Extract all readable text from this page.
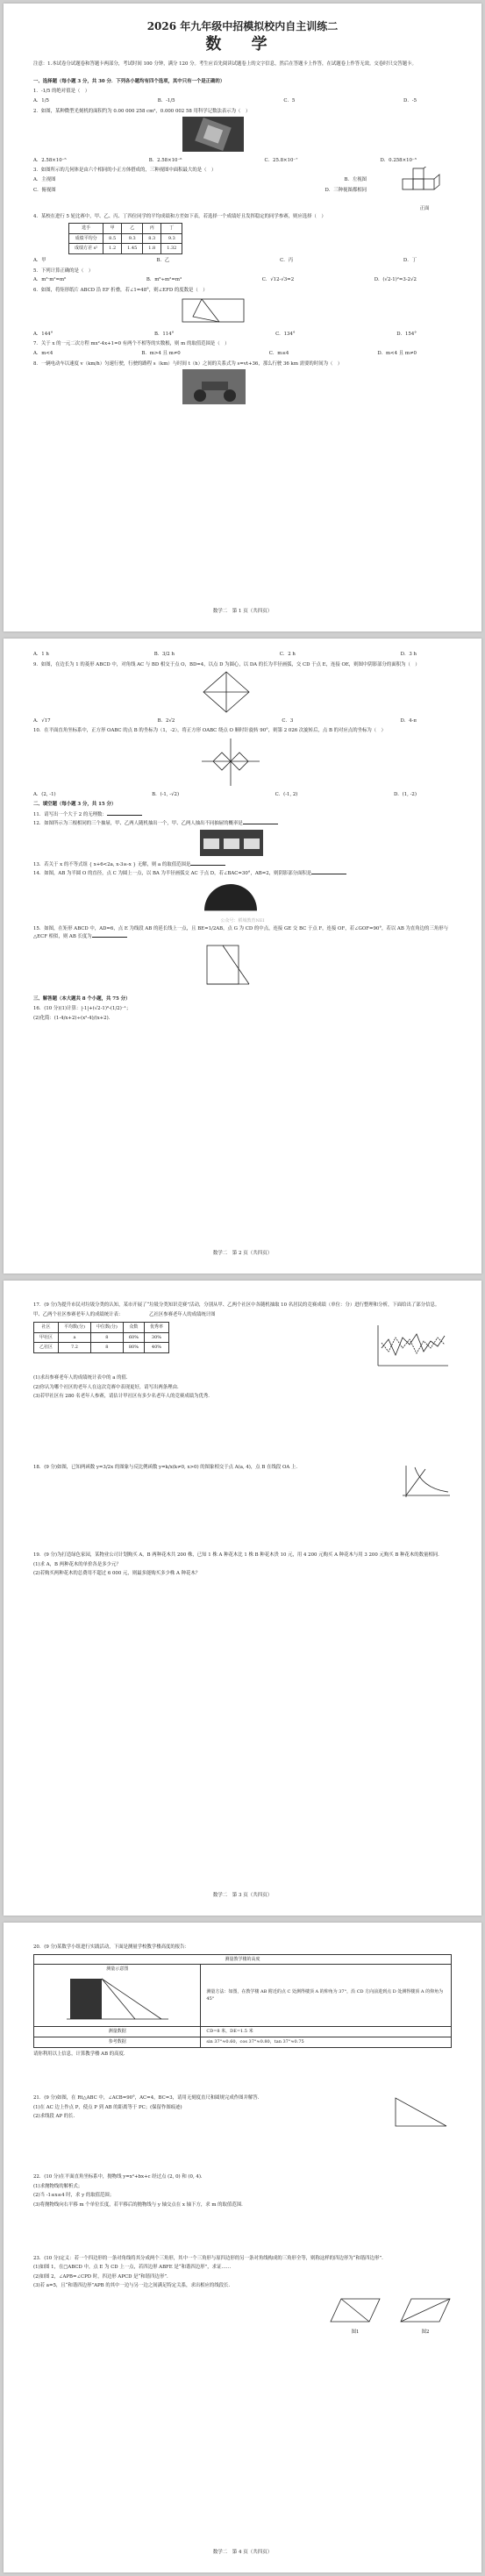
2026 年九年级中招模拟校内自主训练二
数 学

注意：1.本试卷分试题卷和答题卡两部分，考试时间 100 分钟，满分 120 分。考生应首先阅读试题卷上的文字信息，然后在答题卡上作答，在试题卷上作答无效。交卷时只交答题卡。

一、选择题（每小题 3 分，共 30 分．下列各小题均有四个选项，其中只有一个是正确的）

1．-1/5 的绝对值是（　）

A．1/5	B．-1/5	C．5	D．-5

2．如图，某种微型光刻机的面积约为 0.00 000 258 cm²，0.000 002 58 用科学记数法表示为（　）

A．2.58×10⁻⁵	B．2.58×10⁻⁶	C．25.8×10⁻⁷	D．0.258×10⁻⁵

3．如图所示的几何体是由六个相同的小正方体搭成的，三种视图中面积最大的是（　）

A．主视图	B．左视图
C．俯视图	D．三种视图都相同
正面

4．某校在进行 5 轮比赛中，甲、乙、丙、丁四位同学的平均成绩和方差如下表，若选择一个成绩好且发挥稳定的同学参赛，则应选择（　）

选手	甲	乙	丙	丁
成绩平均分	8.5	9.3	8.3	9.3
成绩方差 s²	1.2	1.45	1.8	1.32
A．甲	B．乙	C．丙	D．丁

5．下列计算正确的是（　）

A．m³·m²=m⁶	B．m⁶÷m²=m³	C．√12-√3=2	D．(√2-1)²=3-2√2

6．如图，将矩形纸片 ABCD 沿 EF 折叠，若∠1=48°，则∠EFD 的度数是（　）

A．144°	B．114°	C．134°	D．154°

7．关于 x 的一元二次方程 mx²-4x+1=0 有两个不相等的实数根，则 m 的取值范围是（　）

A．m<4	B．m>4 且 m≠0	C．m≤4	D．m<4 且 m≠0

8．一辆电动车以速度 v（km/h）匀速行驶，行驶的路程 s（km）与时间 t（h）之间的关系式为 s=vt+36，那么行驶 36 km 需要的时间为（　）

数学二　第 1 页（共四页）
A．1 h	B．3/2 h	C．2 h	D．3 h

9．如图，在边长为 1 的菱形 ABCD 中，对角线 AC 与 BD 相交于点 O，BD=4，以点 D 为圆心，以 DA 的长为半径画弧，交 CD 于点 E，连接 OE，则图中阴影部分的面积为（　）

A．√17	B．2√2	C．3	D．4-π

10．在平面直角坐标系中，正方形 OABC 的点 B 的坐标为（1，-2），将正方形 OABC 绕点 O 顺时针旋转 90°，则第 2 026 次旋转后，点 B 的对应点的坐标为（　）

A．(2, -1)	B．(-1, -√2)	C．(-1, 2)	D．(1, -2)

二、填空题（每小题 3 分，共 15 分）

11．请写出一个大于 2 的无理数：

12．如图所示为三根相同的三个抽屉，甲、乙两人随机抽出一个，甲、乙两人抽出不同抽屉的概率是

13．若关于 x 的不等式组 { x+6<2a, x-3≥-x } 无解，则 a 的取值范围是

14．如图，AB 为半圆 O 的直径，点 C 为圆上一点，以 BA 为半径画弧交 AC 于点 D，若∠BAC=30°，AB=2，则阴影部分面积是

公众号：稻城教育NEI

15．如图，在矩形 ABCD 中，AD=6，点 E 为线段 AB 的延长线上一点，且 BE=1/2AB，点 G 为 CD 的中点，连接 GE 交 BC 于点 F，连接 OF，若∠GOF=90°，若以 AB 为直角边的三角形与△ECF 相似，则 AB 长度为

三、解答题（本大题共 8 个小题，共 75 分）

16．(10 分)(1)计算：|-1|+(√2-1)⁰-(1/2)⁻¹；

(2)化简：(1-4/x+2)÷(x²-4)/(x+2)．

数学二　第 2 页（共四页）

17．(9 分)为提升市民对垃圾分类的认知，某市开展了“垃圾分类知识竞赛”活动，分别从甲、乙两个社区中各随机抽取 10 名居民的竞赛成绩（单位：分）进行整理和分析，下面给出了部分信息。

甲、乙两个社区参赛老年人的成绩统计表：　　　　　　乙社区参赛老年人的成绩统计图

社区	平均数(分)	中位数(分)	众数	优秀率
甲社区	a	8	60%	30%
乙社区	7.2	8	80%	40%

(1)求出参赛老年人的成绩统计表中的 a 的值．

(2)你认为哪个社区的老年人在这次竞赛中表现更好，请写出两条理由．

(3)若甲社区有 280 名老年人参赛，请估计甲社区有多少名老年人的竞赛成绩为优秀．

18．(9 分)如图，已知两函数 y=3/2x 的图象与反比例函数 y=k/x(k≠0, x>0) 的图象相交于点 A(a, 4)，点 B 在线段 OA 上．

19．(9 分)为打造绿色家园，某物业公司计划购买 A，B 两种花木共 200 株，已知 1 株 A 种花木比 1 株 B 种花木贵 10 元，用 4 200 元购买 A 种花木与用 3 200 元购买 B 种花木的数量相同．

(1)求 A，B 两种花木的单价各是多少元？

(2)若购买两种花木的总费用不超过 6 000 元，则最多能购买多少株 A 种花木？

数学二　第 3 页（共四页）

20．(9 分)某数学小组进行实践活动，下面是测量学校教学楼高度的报告：

测量教学楼的高度	

测量示意图	测量方法：如图，在教学楼 AB 附近的点 C 处测得楼顶 A 的仰角为 37°，沿 CD 方向前进到点 D 处测得楼顶 A 的仰角为 45°
测量数据	CD=8 米，DE=1.5 米
参考数据	sin 37°≈0.60，cos 37°≈0.80，tan 37°≈0.75

请你利用以上信息，计算教学楼 AB 的高度．

21．(9 分)如图，在 Rt△ABC 中，∠ACB=90°，AC=4，BC=3，请用无刻度直尺和圆规完成作图并解答．

(1)在 AC 边上作点 P，使点 P 到 AB 的距离等于 PC；(保留作图痕迹)

(2)求线段 AP 的长．

22．(10 分)在平面直角坐标系中，抛物线 y=x²+bx+c 经过点 (2, 0) 和 (0, 4)．

(1)求抛物线的解析式；

(2)当 -1≤x≤4 时，求 y 的取值范围；

(3)将抛物线向右平移 m 个单位长度，若平移后的抛物线与 y 轴交点在 x 轴下方，求 m 的取值范围．

23．(10 分)定义：若一个四边形的一条对角线将其分成两个三角形，其中一个三角形与原四边形的另一条对角线构成的三角形全等，则称这样的四边形为“和谐四边形”．

(1)如图 1，在□ABCD 中，点 E 为 CD 上一点，若四边形 ABFE 是“和谐四边形”，求证……

(2)如图 2，∠APB=∠CPD 时，四边形 APCD 是“和谐四边形”．

(3)若 a=5，且“和谐四边形”APB 的其中一边与另一边之间满足特定关系，求出相应的线段长．

图1	图2
数学二　第 4 页（共四页）
